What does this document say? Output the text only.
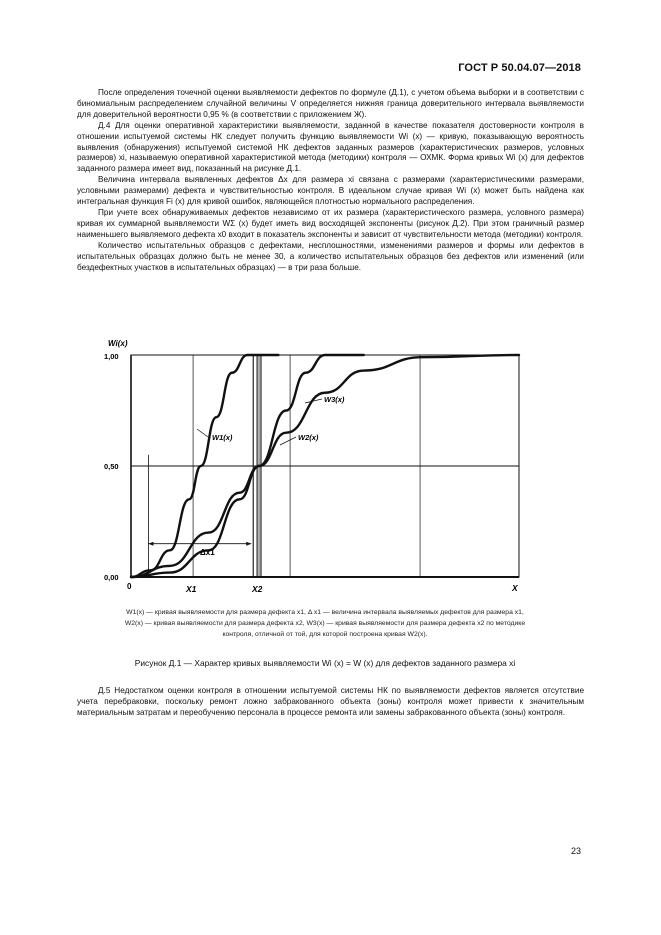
ГОСТ Р 50.04.07—2018

После определения точечной оценки выявляемости дефектов по формуле (Д.1), с учетом объема выборки и в соответствии с биномиальным распределением случайной величины V определяется нижняя граница доверительного интервала выявляемости для доверительной вероятности 0,95 % (в соответствии с приложением Ж).

Д.4 Для оценки оперативной характеристики выявляемости, заданной в качестве показателя достоверности контроля в отношении испытуемой системы НК следует получить функцию выявляемости Wi (x) — кривую, показывающую вероятность выявления (обнаружения) испытуемой системой НК дефектов заданных размеров (характеристических размеров, условных размеров) xi, называемую оперативной характеристикой метода (методики) контроля — ОХМК. Форма кривых Wi (x) для дефектов заданного размера имеет вид, показанный на рисунке Д.1.

Величина интервала выявленных дефектов Δx для размера xi связана с размерами (характеристическими размерами, условными размерами) дефекта и чувствительностью контроля. В идеальном случае кривая Wi (x) может быть найдена как интегральная функция Fi (x) для кривой ошибок, являющейся плотностью нормального распределения.

При учете всех обнаруживаемых дефектов независимо от их размера (характеристического размера, условного размера) кривая их суммарной выявляемости WΣ (x) будет иметь вид восходящей экспоненты (рисунок Д.2). При этом граничный размер наименьшего выявляемого дефекта x0 входит в показатель экспоненты и зависит от чувствительности метода (методики) контроля.

Количество испытательных образцов с дефектами, несплошностями, изменениями размеров и формы или дефектов в испытательных образцах должно быть не менее 30, а количество испытательных образцов без дефектов или изменений (или бездефектных участков в испытательных образцах) — в три раза больше.

Wi(x)
1,00
0,50
0,00
0	X1	X2	X
Δx1
W1(x)	W2(x)
W3(x)
W1(x) — кривая выявляемости для размера дефекта x1, Δ x1 — величина интервала выявляемых дефектов для размера x1,
W2(x) — кривая выявляемости для размера дефекта x2, W3(x) — кривая выявляемости для размера дефекта x2 по методике
контроля, отличной от той, для которой построена кривая W2(x).
Рисунок Д.1 — Характер кривых выявляемости Wi (x) = W (x) для дефектов заданного размера xi

Д.5 Недостатком оценки контроля в отношении испытуемой системы НК по выявляемости дефектов является отсутствие учета перебраковки, поскольку ремонт ложно забракованного объекта (зоны) контроля может привести к значительным материальным затратам и переобучению персонала в процессе ремонта или замены забракованного объекта (зоны) контроля.

23
